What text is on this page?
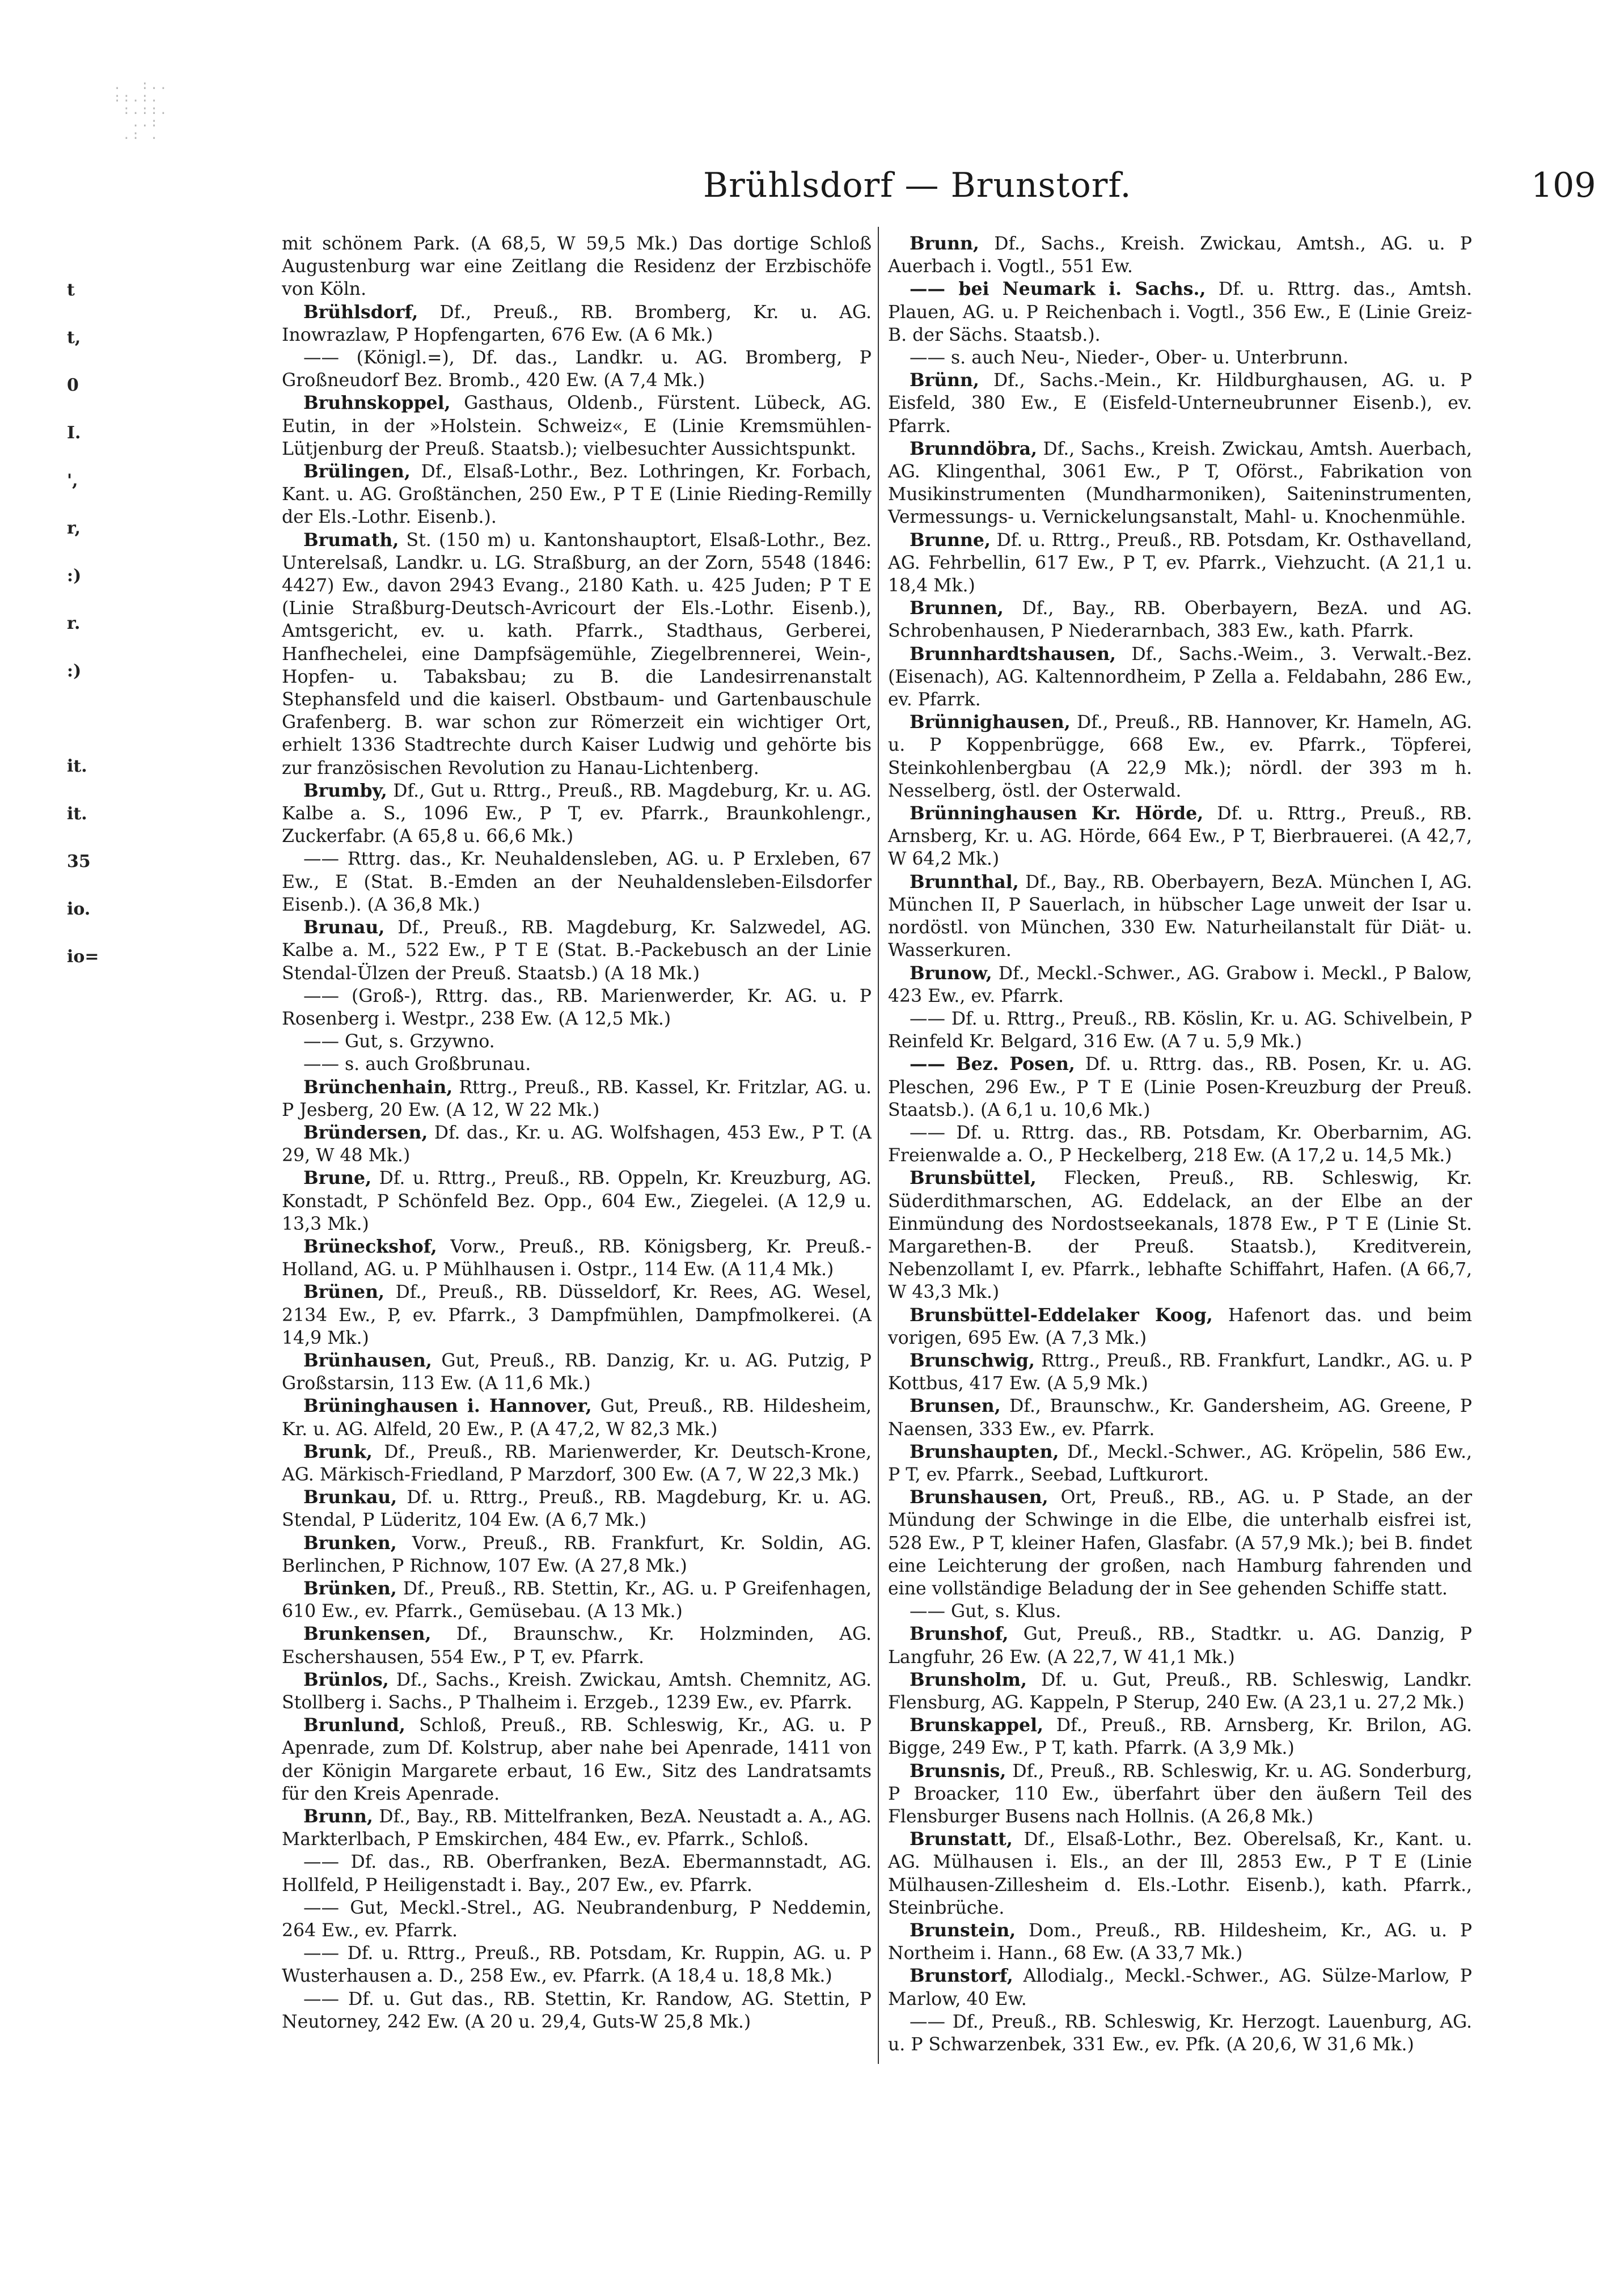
.  :..
::.:.
:.::.
..:
.: .
t
t,
0
I.
',
r,
:)
r.
:)

it.
it.
35
io.
io=
Brühlsdorf — Brunstorf.	109

mit schönem Park. (A 68,5, W 59,5 Mk.) Das dortige Schloß Augustenburg war eine Zeitlang die Residenz der Erzbischöfe von Köln.

Brühlsdorf, Df., Preuß., RB. Bromberg, Kr. u. AG. Inowrazlaw, P Hopfengarten, 676 Ew. (A 6 Mk.)

—— (Königl.=), Df. das., Landkr. u. AG. Bromberg, P Großneudorf Bez. Bromb., 420 Ew. (A 7,4 Mk.)

Bruhnskoppel, Gasthaus, Oldenb., Fürstent. Lübeck, AG. Eutin, in der »Holstein. Schweiz«, E (Linie Kremsmühlen-Lütjenburg der Preuß. Staatsb.); vielbesuchter Aussichtspunkt.

Brülingen, Df., Elsaß-Lothr., Bez. Lothringen, Kr. Forbach, Kant. u. AG. Großtänchen, 250 Ew., P T E (Linie Rieding-Remilly der Els.-Lothr. Eisenb.).

Brumath, St. (150 m) u. Kantonshauptort, Elsaß-Lothr., Bez. Unterelsaß, Landkr. u. LG. Straßburg, an der Zorn, 5548 (1846: 4427) Ew., davon 2943 Evang., 2180 Kath. u. 425 Juden; P T E (Linie Straßburg-Deutsch-Avricourt der Els.-Lothr. Eisenb.), Amtsgericht, ev. u. kath. Pfarrk., Stadthaus, Gerberei, Hanfhechelei, eine Dampfsägemühle, Ziegelbrennerei, Wein-, Hopfen- u. Tabaksbau; zu B. die Landesirrenanstalt Stephansfeld und die kaiserl. Obstbaum- und Gartenbauschule Grafenberg. B. war schon zur Römerzeit ein wichtiger Ort, erhielt 1336 Stadtrechte durch Kaiser Ludwig und gehörte bis zur französischen Revolution zu Hanau-Lichtenberg.

Brumby, Df., Gut u. Rttrg., Preuß., RB. Magdeburg, Kr. u. AG. Kalbe a. S., 1096 Ew., P T, ev. Pfarrk., Braunkohlengr., Zuckerfabr. (A 65,8 u. 66,6 Mk.)

—— Rttrg. das., Kr. Neuhaldensleben, AG. u. P Erxleben, 67 Ew., E (Stat. B.-Emden an der Neuhaldensleben-Eilsdorfer Eisenb.). (A 36,8 Mk.)

Brunau, Df., Preuß., RB. Magdeburg, Kr. Salzwedel, AG. Kalbe a. M., 522 Ew., P T E (Stat. B.-Packebusch an der Linie Stendal-Ülzen der Preuß. Staatsb.) (A 18 Mk.)

—— (Groß-), Rttrg. das., RB. Marienwerder, Kr. AG. u. P Rosenberg i. Westpr., 238 Ew. (A 12,5 Mk.)

—— Gut, s. Grzywno.

—— s. auch Großbrunau.

Brünchenhain, Rttrg., Preuß., RB. Kassel, Kr. Fritzlar, AG. u. P Jesberg, 20 Ew. (A 12, W 22 Mk.)

Bründersen, Df. das., Kr. u. AG. Wolfshagen, 453 Ew., P T. (A 29, W 48 Mk.)

Brune, Df. u. Rttrg., Preuß., RB. Oppeln, Kr. Kreuzburg, AG. Konstadt, P Schönfeld Bez. Opp., 604 Ew., Ziegelei. (A 12,9 u. 13,3 Mk.)

Brüneckshof, Vorw., Preuß., RB. Königsberg, Kr. Preuß.-Holland, AG. u. P Mühlhausen i. Ostpr., 114 Ew. (A 11,4 Mk.)

Brünen, Df., Preuß., RB. Düsseldorf, Kr. Rees, AG. Wesel, 2134 Ew., P, ev. Pfarrk., 3 Dampfmühlen, Dampfmolkerei. (A 14,9 Mk.)

Brünhausen, Gut, Preuß., RB. Danzig, Kr. u. AG. Putzig, P Großstarsin, 113 Ew. (A 11,6 Mk.)

Brüninghausen i. Hannover, Gut, Preuß., RB. Hildesheim, Kr. u. AG. Alfeld, 20 Ew., P. (A 47,2, W 82,3 Mk.)

Brunk, Df., Preuß., RB. Marienwerder, Kr. Deutsch-Krone, AG. Märkisch-Friedland, P Marzdorf, 300 Ew. (A 7, W 22,3 Mk.)

Brunkau, Df. u. Rttrg., Preuß., RB. Magdeburg, Kr. u. AG. Stendal, P Lüderitz, 104 Ew. (A 6,7 Mk.)

Brunken, Vorw., Preuß., RB. Frankfurt, Kr. Soldin, AG. Berlinchen, P Richnow, 107 Ew. (A 27,8 Mk.)

Brünken, Df., Preuß., RB. Stettin, Kr., AG. u. P Greifenhagen, 610 Ew., ev. Pfarrk., Gemüsebau. (A 13 Mk.)

Brunkensen, Df., Braunschw., Kr. Holzminden, AG. Eschershausen, 554 Ew., P T, ev. Pfarrk.

Brünlos, Df., Sachs., Kreish. Zwickau, Amtsh. Chemnitz, AG. Stollberg i. Sachs., P Thalheim i. Erzgeb., 1239 Ew., ev. Pfarrk.

Brunlund, Schloß, Preuß., RB. Schleswig, Kr., AG. u. P Apenrade, zum Df. Kolstrup, aber nahe bei Apenrade, 1411 von der Königin Margarete erbaut, 16 Ew., Sitz des Landratsamts für den Kreis Apenrade.

Brunn, Df., Bay., RB. Mittelfranken, BezA. Neustadt a. A., AG. Markterlbach, P Emskirchen, 484 Ew., ev. Pfarrk., Schloß.

—— Df. das., RB. Oberfranken, BezA. Ebermannstadt, AG. Hollfeld, P Heiligenstadt i. Bay., 207 Ew., ev. Pfarrk.

—— Gut, Meckl.-Strel., AG. Neubrandenburg, P Neddemin, 264 Ew., ev. Pfarrk.

—— Df. u. Rttrg., Preuß., RB. Potsdam, Kr. Ruppin, AG. u. P Wusterhausen a. D., 258 Ew., ev. Pfarrk. (A 18,4 u. 18,8 Mk.)

—— Df. u. Gut das., RB. Stettin, Kr. Randow, AG. Stettin, P Neutorney, 242 Ew. (A 20 u. 29,4, Guts-W 25,8 Mk.)

Brunn, Df., Sachs., Kreish. Zwickau, Amtsh., AG. u. P Auerbach i. Vogtl., 551 Ew.

—— bei Neumark i. Sachs., Df. u. Rttrg. das., Amtsh. Plauen, AG. u. P Reichenbach i. Vogtl., 356 Ew., E (Linie Greiz-B. der Sächs. Staatsb.).

—— s. auch Neu-, Nieder-, Ober- u. Unterbrunn.

Brünn, Df., Sachs.-Mein., Kr. Hildburghausen, AG. u. P Eisfeld, 380 Ew., E (Eisfeld-Unterneubrunner Eisenb.), ev. Pfarrk.

Brunndöbra, Df., Sachs., Kreish. Zwickau, Amtsh. Auerbach, AG. Klingenthal, 3061 Ew., P T, Oförst., Fabrikation von Musikinstrumenten (Mundharmoniken), Saiteninstrumenten, Vermessungs- u. Vernickelungsanstalt, Mahl- u. Knochenmühle.

Brunne, Df. u. Rttrg., Preuß., RB. Potsdam, Kr. Osthavelland, AG. Fehrbellin, 617 Ew., P T, ev. Pfarrk., Viehzucht. (A 21,1 u. 18,4 Mk.)

Brunnen, Df., Bay., RB. Oberbayern, BezA. und AG. Schrobenhausen, P Niederarnbach, 383 Ew., kath. Pfarrk.

Brunnhardtshausen, Df., Sachs.-Weim., 3. Verwalt.-Bez. (Eisenach), AG. Kaltennordheim, P Zella a. Feldabahn, 286 Ew., ev. Pfarrk.

Brünnighausen, Df., Preuß., RB. Hannover, Kr. Hameln, AG. u. P Koppenbrügge, 668 Ew., ev. Pfarrk., Töpferei, Steinkohlenbergbau (A 22,9 Mk.); nördl. der 393 m h. Nesselberg, östl. der Osterwald.

Brünninghausen Kr. Hörde, Df. u. Rttrg., Preuß., RB. Arnsberg, Kr. u. AG. Hörde, 664 Ew., P T, Bierbrauerei. (A 42,7, W 64,2 Mk.)

Brunnthal, Df., Bay., RB. Oberbayern, BezA. München I, AG. München II, P Sauerlach, in hübscher Lage unweit der Isar u. nordöstl. von München, 330 Ew. Naturheilanstalt für Diät- u. Wasserkuren.

Brunow, Df., Meckl.-Schwer., AG. Grabow i. Meckl., P Balow, 423 Ew., ev. Pfarrk.

—— Df. u. Rttrg., Preuß., RB. Köslin, Kr. u. AG. Schivelbein, P Reinfeld Kr. Belgard, 316 Ew. (A 7 u. 5,9 Mk.)

—— Bez. Posen, Df. u. Rttrg. das., RB. Posen, Kr. u. AG. Pleschen, 296 Ew., P T E (Linie Posen-Kreuzburg der Preuß. Staatsb.). (A 6,1 u. 10,6 Mk.)

—— Df. u. Rttrg. das., RB. Potsdam, Kr. Oberbarnim, AG. Freienwalde a. O., P Heckelberg, 218 Ew. (A 17,2 u. 14,5 Mk.)

Brunsbüttel, Flecken, Preuß., RB. Schleswig, Kr. Süderdithmarschen, AG. Eddelack, an der Elbe an der Einmündung des Nordostseekanals, 1878 Ew., P T E (Linie St. Margarethen-B. der Preuß. Staatsb.), Kreditverein, Nebenzollamt I, ev. Pfarrk., lebhafte Schiffahrt, Hafen. (A 66,7, W 43,3 Mk.)

Brunsbüttel-Eddelaker Koog, Hafenort das. und beim vorigen, 695 Ew. (A 7,3 Mk.)

Brunschwig, Rttrg., Preuß., RB. Frankfurt, Landkr., AG. u. P Kottbus, 417 Ew. (A 5,9 Mk.)

Brunsen, Df., Braunschw., Kr. Gandersheim, AG. Greene, P Naensen, 333 Ew., ev. Pfarrk.

Brunshaupten, Df., Meckl.-Schwer., AG. Kröpelin, 586 Ew., P T, ev. Pfarrk., Seebad, Luftkurort.

Brunshausen, Ort, Preuß., RB., AG. u. P Stade, an der Mündung der Schwinge in die Elbe, die unterhalb eisfrei ist, 528 Ew., P T, kleiner Hafen, Glasfabr. (A 57,9 Mk.); bei B. findet eine Leichterung der großen, nach Hamburg fahrenden und eine vollständige Beladung der in See gehenden Schiffe statt.

—— Gut, s. Klus.

Brunshof, Gut, Preuß., RB., Stadtkr. u. AG. Danzig, P Langfuhr, 26 Ew. (A 22,7, W 41,1 Mk.)

Brunsholm, Df. u. Gut, Preuß., RB. Schleswig, Landkr. Flensburg, AG. Kappeln, P Sterup, 240 Ew. (A 23,1 u. 27,2 Mk.)

Brunskappel, Df., Preuß., RB. Arnsberg, Kr. Brilon, AG. Bigge, 249 Ew., P T, kath. Pfarrk. (A 3,9 Mk.)

Brunsnis, Df., Preuß., RB. Schleswig, Kr. u. AG. Sonderburg, P Broacker, 110 Ew., überfahrt über den äußern Teil des Flensburger Busens nach Hollnis. (A 26,8 Mk.)

Brunstatt, Df., Elsaß-Lothr., Bez. Oberelsaß, Kr., Kant. u. AG. Mülhausen i. Els., an der Ill, 2853 Ew., P T E (Linie Mülhausen-Zillesheim d. Els.-Lothr. Eisenb.), kath. Pfarrk., Steinbrüche.

Brunstein, Dom., Preuß., RB. Hildesheim, Kr., AG. u. P Northeim i. Hann., 68 Ew. (A 33,7 Mk.)

Brunstorf, Allodialg., Meckl.-Schwer., AG. Sülze-Marlow, P Marlow, 40 Ew.

—— Df., Preuß., RB. Schleswig, Kr. Herzogt. Lauenburg, AG. u. P Schwarzenbek, 331 Ew., ev. Pfk. (A 20,6, W 31,6 Mk.)
